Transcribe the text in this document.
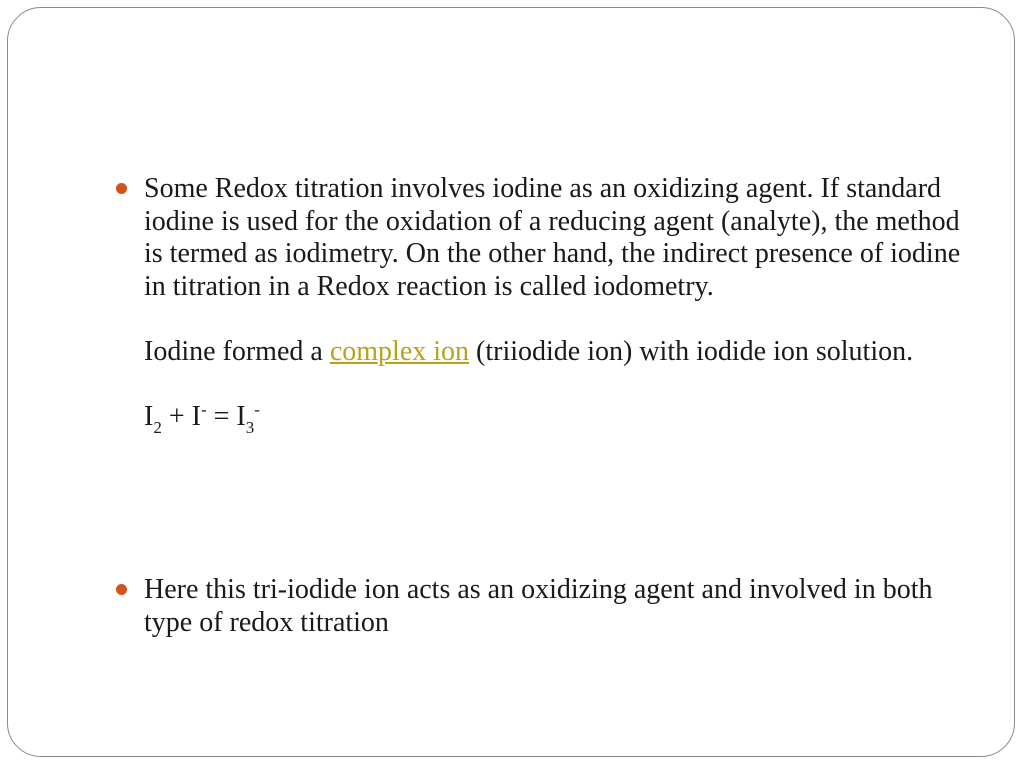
Some Redox titration involves iodine as an oxidizing agent. If standard iodine is used for the oxidation of a reducing agent (analyte), the method is termed as iodimetry. On the other hand, the indirect presence of iodine in titration in a Redox reaction is called iodometry.

Iodine formed a complex ion (triiodide ion) with iodide ion solution.

$I_2 + I^- = I_3^-$

Here this tri-iodide ion acts as an oxidizing agent and involved in both type of redox titration
